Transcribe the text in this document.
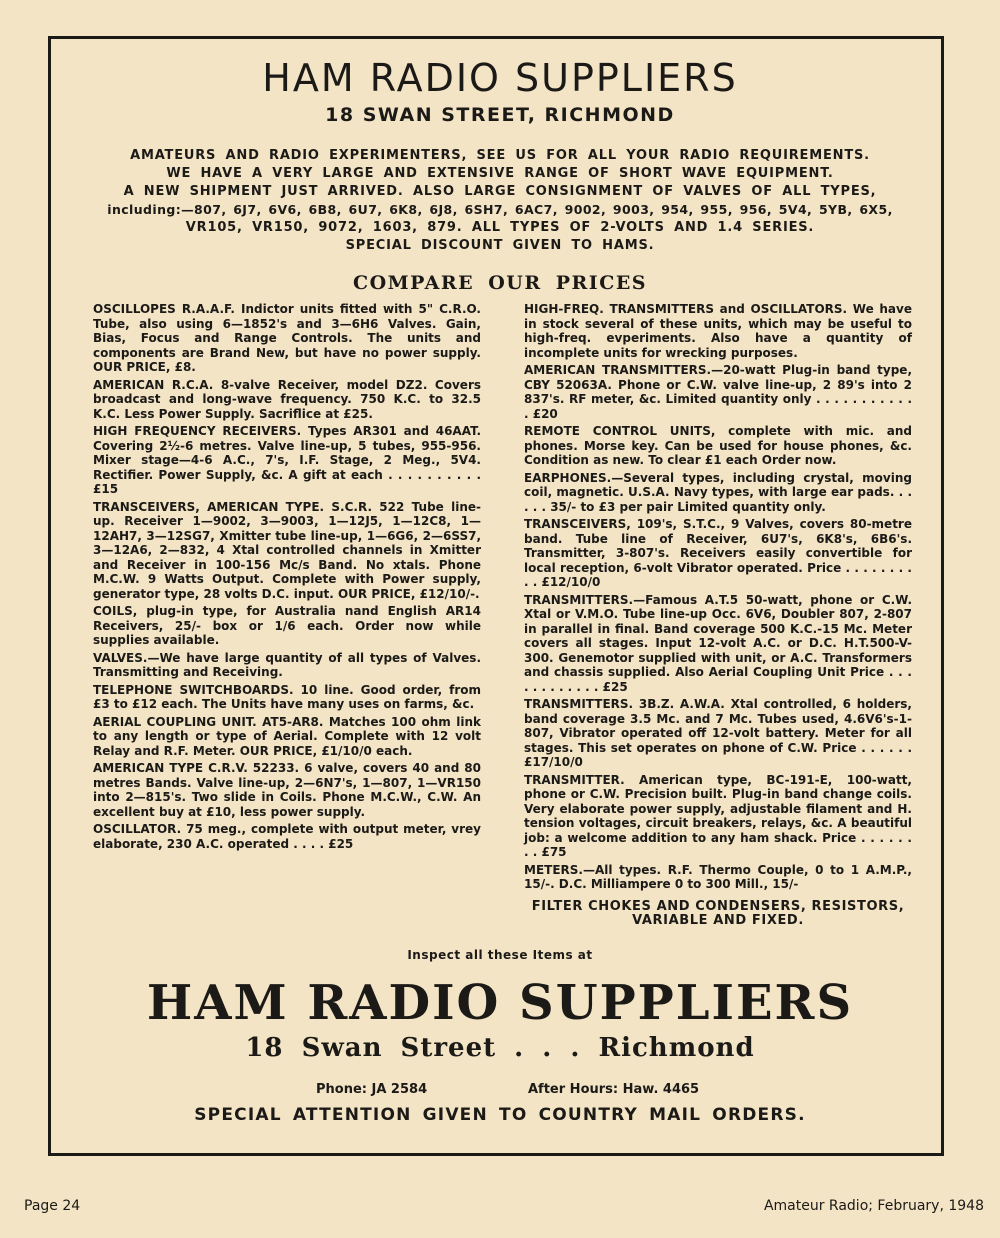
HAM RADIO SUPPLIERS
18 SWAN STREET, RICHMOND
AMATEURS AND RADIO EXPERIMENTERS, SEE US FOR ALL YOUR RADIO REQUIREMENTS.
WE HAVE A VERY LARGE AND EXTENSIVE RANGE OF SHORT WAVE EQUIPMENT.
A NEW SHIPMENT JUST ARRIVED. ALSO LARGE CONSIGNMENT OF VALVES OF ALL TYPES,
including:—807, 6J7, 6V6, 6B8, 6U7, 6K8, 6J8, 6SH7, 6AC7, 9002, 9003, 954, 955, 956, 5V4, 5YB, 6X5,
VR105, VR150, 9072, 1603, 879. ALL TYPES OF 2-VOLTS AND 1.4 SERIES.
SPECIAL DISCOUNT GIVEN TO HAMS.
COMPARE OUR PRICES

OSCILLOPES R.A.A.F. Indictor units fitted with 5" C.R.O. Tube, also using 6—1852's and 3—6H6 Valves. Gain, Bias, Focus and Range Controls. The units and components are Brand New, but have no power supply. OUR PRICE, £8.

AMERICAN R.C.A. 8-valve Receiver, model DZ2. Covers broadcast and long-wave frequency. 750 K.C. to 32.5 K.C. Less Power Supply. Sacriflice at £25.

HIGH FREQUENCY RECEIVERS. Types AR301 and 46AAT. Covering 2½-6 metres. Valve line-up, 5 tubes, 955-956. Mixer stage—4-6 A.C., 7's, I.F. Stage, 2 Meg., 5V4. Rectifier. Power Supply, &c. A gift at each . . . . . . . . . . £15

TRANSCEIVERS, AMERICAN TYPE. S.C.R. 522 Tube line-up. Receiver 1—9002, 3—9003, 1—12J5, 1—12C8, 1—12AH7, 3—12SG7, Xmitter tube line-up, 1—6G6, 2—6SS7, 3—12A6, 2—832, 4 Xtal controlled channels in Xmitter and Receiver in 100-156 Mc/s Band. No xtals. Phone M.C.W. 9 Watts Output. Complete with Power supply, generator type, 28 volts D.C. input. OUR PRICE, £12/10/-.

COILS, plug-in type, for Australia nand English AR14 Receivers, 25/- box or 1/6 each. Order now while supplies available.

VALVES.—We have large quantity of all types of Valves. Transmitting and Receiving.

TELEPHONE SWITCHBOARDS. 10 line. Good order, from £3 to £12 each. The Units have many uses on farms, &c.

AERIAL COUPLING UNIT. AT5-AR8. Matches 100 ohm link to any length or type of Aerial. Complete with 12 volt Relay and R.F. Meter. OUR PRICE, £1/10/0 each.

AMERICAN TYPE C.R.V. 52233. 6 valve, covers 40 and 80 metres Bands. Valve line-up, 2—6N7's, 1—807, 1—VR150 into 2—815's. Two slide in Coils. Phone M.C.W., C.W. An excellent buy at £10, less power supply.

OSCILLATOR. 75 meg., complete with output meter, vrey elaborate, 230 A.C. operated . . . . £25

HIGH-FREQ. TRANSMITTERS and OSCILLATORS. We have in stock several of these units, which may be useful to high-freq. evperiments. Also have a quantity of incomplete units for wrecking purposes.

AMERICAN TRANSMITTERS.—20-watt Plug-in band type, CBY 52063A. Phone or C.W. valve line-up, 2 89's into 2 837's. RF meter, &c. Limited quantity only . . . . . . . . . . . . £20

REMOTE CONTROL UNITS, complete with mic. and phones. Morse key. Can be used for house phones, &c. Condition as new. To clear £1 each Order now.

EARPHONES.—Several types, including crystal, moving coil, magnetic. U.S.A. Navy types, with large ear pads. . . . . . 35/- to £3 per pair Limited quantity only.

TRANSCEIVERS, 109's, S.T.C., 9 Valves, covers 80-metre band. Tube line of Receiver, 6U7's, 6K8's, 6B6's. Transmitter, 3-807's. Receivers easily convertible for local reception, 6-volt Vibrator operated. Price . . . . . . . . . . £12/10/0

TRANSMITTERS.—Famous A.T.5 50-watt, phone or C.W. Xtal or V.M.O. Tube line-up Occ. 6V6, Doubler 807, 2-807 in parallel in final. Band coverage 500 K.C.-15 Mc. Meter covers all stages. Input 12-volt A.C. or D.C. H.T.500-V-300. Genemotor supplied with unit, or A.C. Transformers and chassis supplied. Also Aerial Coupling Unit Price . . . . . . . . . . . . £25

TRANSMITTERS. 3B.Z. A.W.A. Xtal controlled, 6 holders, band coverage 3.5 Mc. and 7 Mc. Tubes used, 4.6V6's-1-807, Vibrator operated off 12-volt battery. Meter for all stages. This set operates on phone of C.W. Price . . . . . . £17/10/0

TRANSMITTER. American type, BC-191-E, 100-watt, phone or C.W. Precision built. Plug-in band change coils. Very elaborate power supply, adjustable filament and H. tension voltages, circuit breakers, relays, &c. A beautiful job: a welcome addition to any ham shack. Price . . . . . . . . £75

METERS.—All types. R.F. Thermo Couple, 0 to 1 A.M.P., 15/-. D.C. Milliampere 0 to 300 Mill., 15/-

FILTER CHOKES AND CONDENSERS, RESISTORS,
VARIABLE AND FIXED.
Inspect all these Items at
HAM RADIO SUPPLIERS
18 Swan Street . . . Richmond
Phone: JA 2584	After Hours: Haw. 4465
SPECIAL ATTENTION GIVEN TO COUNTRY MAIL ORDERS.
Page 24	Amateur Radio; February, 1948
